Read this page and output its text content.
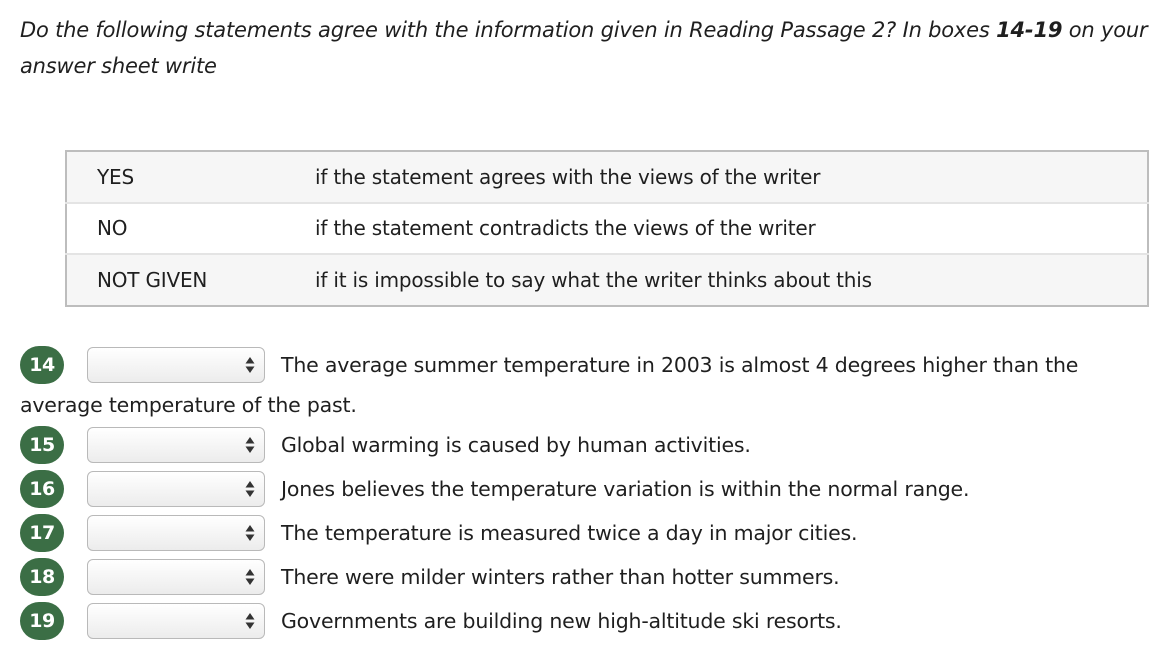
Do the following statements agree with the information given in Reading Passage 2? In boxes 14-19 on your answer sheet write

YES	if the statement agrees with the views of the writer
NO	if the statement contradicts the views of the writer
NOT GIVEN	if it is impossible to say what the writer thinks about this
14	The average summer temperature in 2003 is almost 4 degrees higher than the average temperature of the past.

15	Global warming is caused by human activities.
16	Jones believes the temperature variation is within the normal range.
17	The temperature is measured twice a day in major cities.
18	There were milder winters rather than hotter summers.
19	Governments are building new high-altitude ski resorts.
